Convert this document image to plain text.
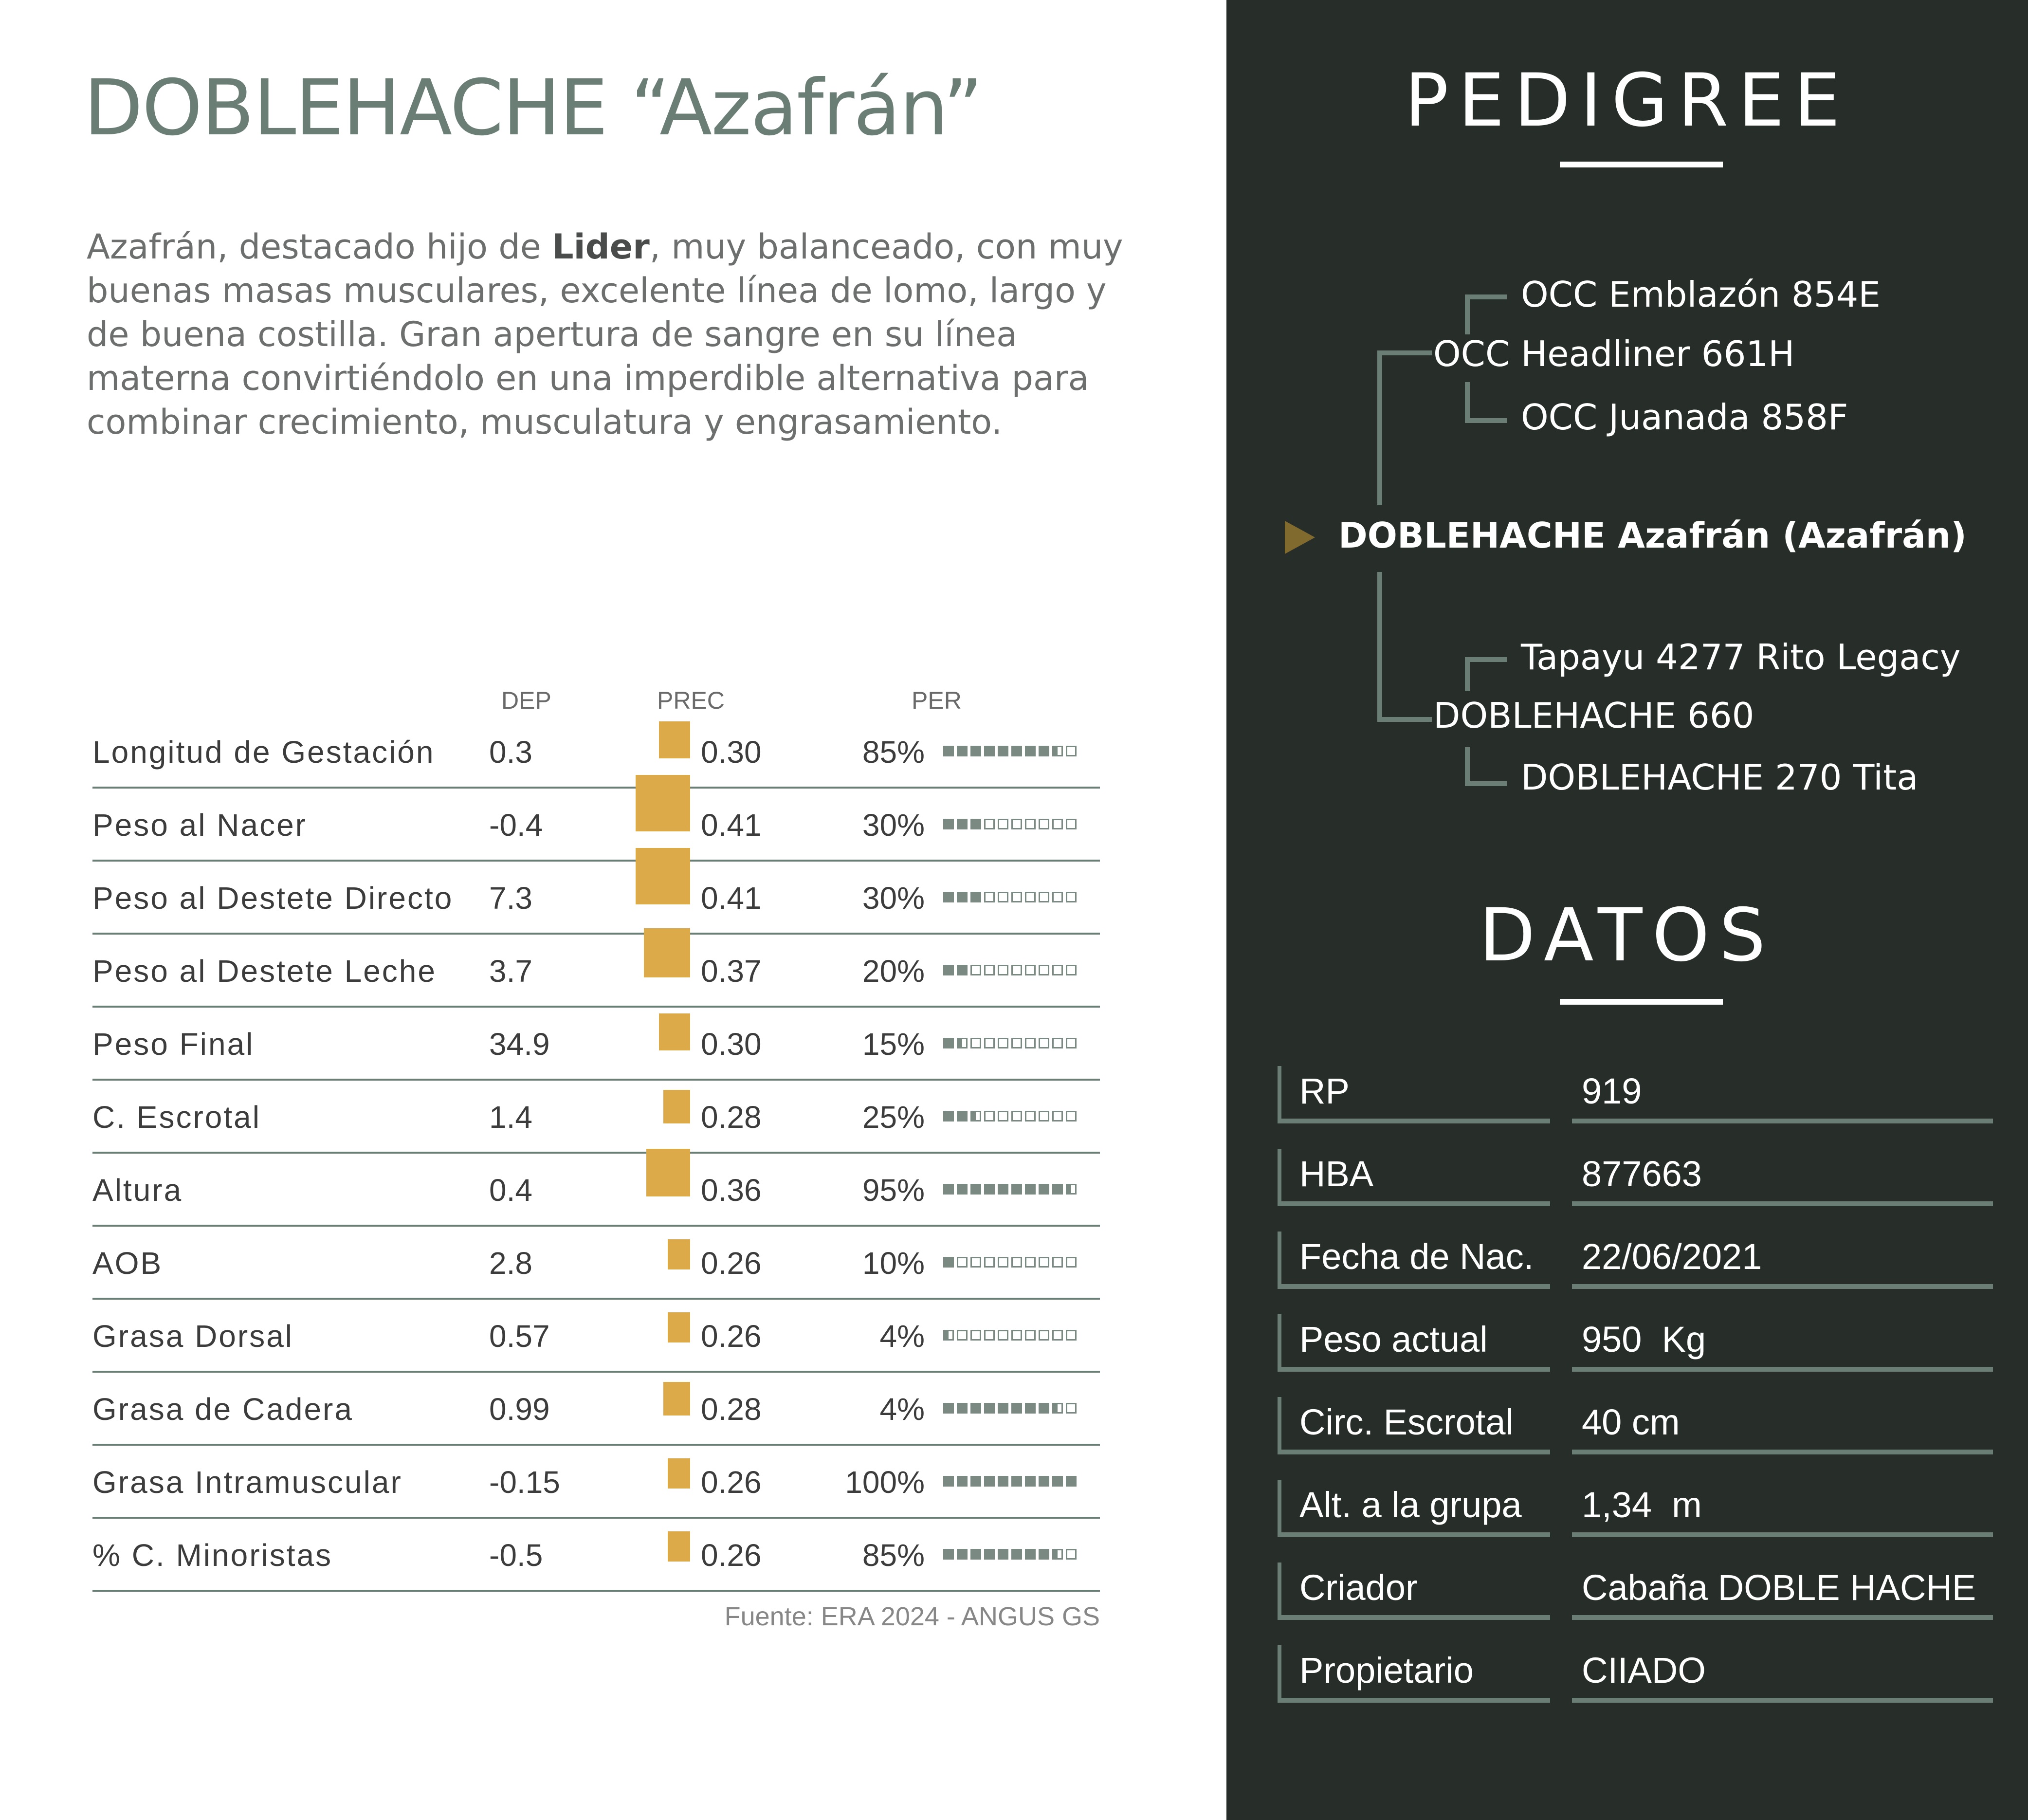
DOBLEHACHE “Azafrán”

Azafrán, destacado hijo de Lider, muy balanceado, con muy buenas masas musculares, excelente línea de lomo, largo y de buena costilla. Gran apertura de sangre en su línea materna convirtiéndolo en una imperdible alternativa para combinar crecimiento, musculatura y engrasamiento.

DEP	PREC	PER
Longitud de Gestación 0.3	0.30	85%
Peso al Nacer	-0.4	0.41	30%
Peso al Destete Directo 7.3	0.41	30%
Peso al Destete Leche 3.7	0.37	20%
Peso Final	34.9	0.30	15%
C. Escrotal	1.4	0.28	25%
Altura	0.4	0.36	95%
AOB	2.8	0.26	10%
Grasa Dorsal	0.57	0.26	4%
Grasa de Cadera	0.99	0.28	4%
Grasa Intramuscular	-0.15	0.26	100%
% C. Minoristas	-0.5	0.26	85%
Fuente: ERA 2024 - ANGUS GS
PEDIGREE
OCC Emblazón 854E
OCC Headliner 661H
OCC Juanada 858F
DOBLEHACHE Azafrán (Azafrán)
Tapayu 4277 Rito Legacy
DOBLEHACHE 660
DOBLEHACHE 270 Tita
DATOS
RP	919
HBA	877663
Fecha de Nac. 22/06/2021
Peso actual	950  Kg
Circ. Escrotal 40 cm
Alt. a la grupa 1,34  m
Criador	Cabaña DOBLE HACHE
Propietario	CIIADO
